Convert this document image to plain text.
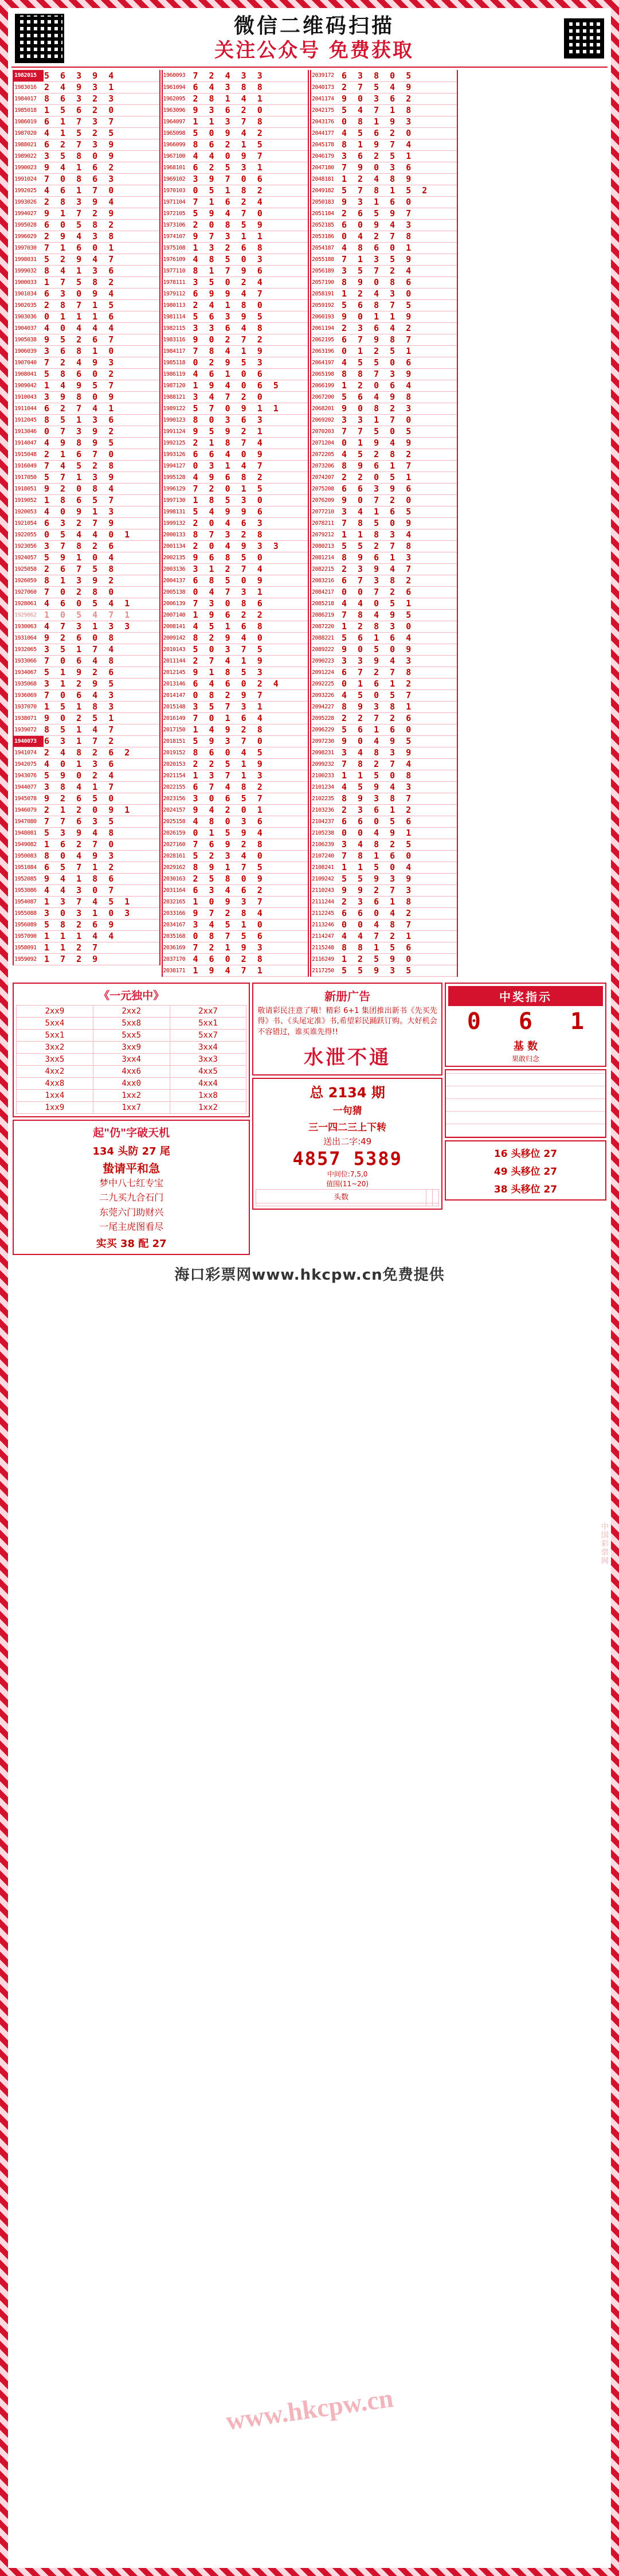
微信二维码扫描
关注公众号 免费获取
1982015	5 6 3 9 4
1983016	2 4 9 3 1
1984017	8 6 3 2 3
1985018	1 5 6 2 0
1986019	6 1 7 3 7
1987020	4 1 5 2 5
1988021	6 2 7 3 9
1989022	3 5 8 0 9
1990023	9 4 1 6 2
1991024	7 0 8 6 3
1992025	4 6 1 7 0
1993026	2 8 3 9 4
1994027	9 1 7 2 9
1995028	6 0 5 8 2
1996029	2 9 4 3 8
1997030	7 1 6 0 1
1998031	5 2 9 4 7
1999032	8 4 1 3 6
1900033	1 7 5 8 2
1901034	6 3 0 9 4
1902035	2 8 7 1 5
1903036	0 1 1 1 6
1904037	4 0 4 4 4
1905038	9 5 2 6 7
1906039	3 6 8 1 0
1907040	7 2 4 9 3
1908041	5 8 6 0 2
1909042	1 4 9 5 7
1910043	3 9 8 0 9
1911044	6 2 7 4 1
1912045	8 5 1 3 6
1913046	0 7 3 9 2
1914047	4 9 8 9 5
1915048	2 1 6 7 0
1916049	7 4 5 2 8
1917050	5 7 1 3 9
1918051	9 2 0 8 4
1919052	1 8 6 5 7
1920053	4 0 9 1 3
1921054	6 3 2 7 9
1922055	0 5 4 4 0 1
1923056	3 7 8 2 6
1924057	5 9 1 0 4
1925058	2 6 7 5 8
1926059	8 1 3 9 2
1927060	7 0 2 8 0
1928061	4 6 0 5 4 1
1929062	1 0 5 4 7 1
1930063	4 7 3 1 3 3
1931064	9 2 6 0 8
1932065	3 5 1 7 4
1933066	7 0 6 4 8
1934067	5 1 9 2 6
1935068	3 1 2 9 5
1936069	7 0 6 4 3
1937070	1 5 1 8 3
1938071	9 0 2 5 1
1939072	8 5 1 4 7
1940073	6 3 1 7 2
1941074	2 4 8 2 6 2
1942075	4 0 1 3 6
1943076	5 9 0 2 4
1944077	3 8 4 1 7
1945078	9 2 6 5 0
1946079	2 1 2 0 9 1
1947080	7 7 6 3 5
1948081	5 3 9 4 8
1949082	1 6 2 7 0
1950083	8 0 4 9 3
1951084	6 5 7 1 2
1952085	9 4 1 8 6
1953086	4 4 3 0 7
1954087	1 3 7 4 5 1
1955088	3 0 3 1 0 3
1956089	5 8 2 6 9
1957090	1 1 1 4 4
1958091	1 1 2 7
1959092	1 7 2 9
1960093	7 2 4 3 3
1961094	6 4 3 8 8
1962095	2 8 1 4 1
1963096	9 3 6 2 0
1964097	1 1 3 7 8
1965098	5 0 9 4 2
1966099	8 6 2 1 5
1967100	4 4 0 9 7
1968101	6 2 5 3 1
1969102	3 9 7 0 6
1970103	0 5 1 8 2
1971104	7 1 6 2 4
1972105	5 9 4 7 0
1973106	2 0 8 5 9
1974107	9 7 3 1 1
1975108	1 3 2 6 8
1976109	4 8 5 0 3
1977110	8 1 7 9 6
1978111	3 5 0 2 4
1979112	6 9 9 4 7
1980113	2 4 1 8 0
1981114	5 6 3 9 5
1982115	3 3 6 4 8
1983116	9 0 2 7 2
1984117	7 8 4 1 9
1985118	0 2 9 5 3
1986119	4 6 1 0 6
1987120	1 9 4 0 6 5
1988121	3 4 7 2 0
1989122	5 7 0 9 1 1
1990123	8 0 3 6 3
1991124	9 5 9 2 1
1992125	2 1 8 7 4
1993126	6 6 4 0 9
1994127	0 3 1 4 7
1995128	4 9 6 8 2
1996129	7 2 0 1 5
1997130	1 8 5 3 0
1998131	5 4 9 9 6
1999132	2 0 4 6 3
2000133	8 7 3 2 8
2001134	2 0 4 9 3 3
2002135	9 6 8 5 0
2003136	3 1 2 7 4
2004137	6 8 5 0 9
2005138	0 4 7 3 1
2006139	7 3 0 8 6
2007140	1 9 6 2 2
2008141	4 5 1 6 8
2009142	8 2 9 4 0
2010143	5 0 3 7 5
2011144	2 7 4 1 9
2012145	9 1 8 5 3
2013146	6 4 6 0 2 4
2014147	0 8 2 9 7
2015148	3 5 7 3 1
2016149	7 0 1 6 4
2017150	1 4 9 2 8
2018151	5 9 3 7 0
2019152	8 6 0 4 5
2020153	2 2 5 1 9
2021154	1 3 7 1 3
2022155	6 7 4 8 2
2023156	3 0 6 5 7
2024157	9 4 2 0 1
2025158	4 8 0 3 6
2026159	0 1 5 9 4
2027160	7 6 9 2 8
2028161	5 2 3 4 0
2029162	8 9 1 7 5
2030163	2 5 8 0 9
2031164	6 3 4 6 2
2032165	1 0 9 3 7
2033166	9 7 2 8 4
2034167	3 4 5 1 0
2035168	0 8 7 5 6
2036169	7 2 1 9 3
2037170	4 6 0 2 8
2038171	1 9 4 7 1
2039172	6 3 8 0 5
2040173	2 7 5 4 9
2041174	9 0 3 6 2
2042175	5 4 7 1 8
2043176	0 8 1 9 3
2044177	4 5 6 2 0
2045178	8 1 9 7 4
2046179	3 6 2 5 1
2047180	7 9 0 3 6
2048181	1 2 4 8 9
2049182	5 7 8 1 5 2
2050183	9 3 1 6 0
2051184	2 6 5 9 7
2052185	6 0 9 4 3
2053186	0 4 2 7 8
2054187	4 8 6 0 1
2055188	7 1 3 5 9
2056189	3 5 7 2 4
2057190	8 9 0 8 6
2058191	1 2 4 3 0
2059192	5 6 8 7 5
2060193	9 0 1 1 9
2061194	2 3 6 4 2
2062195	6 7 9 8 7
2063196	0 1 2 5 1
2064197	4 5 5 0 6
2065198	8 8 7 3 9
2066199	1 2 0 6 4
2067200	5 6 4 9 8
2068201	9 0 8 2 3
2069202	3 3 1 7 0
2070203	7 7 5 0 5
2071204	0 1 9 4 9
2072205	4 5 2 8 2
2073206	8 9 6 1 7
2074207	2 2 0 5 1
2075208	6 6 3 9 6
2076209	9 0 7 2 0
2077210	3 4 1 6 5
2078211	7 8 5 0 9
2079212	1 1 8 3 4
2080213	5 5 2 7 8
2081214	8 9 6 1 3
2082215	2 3 9 4 7
2083216	6 7 3 8 2
2084217	0 0 7 2 6
2085218	4 4 0 5 1
2086219	7 8 4 9 5
2087220	1 2 8 3 0
2088221	5 6 1 6 4
2089222	9 0 5 0 9
2090223	3 3 9 4 3
2091224	6 7 2 7 8
2092225	0 1 6 1 2
2093226	4 5 0 5 7
2094227	8 9 3 8 1
2095228	2 2 7 2 6
2096229	5 6 1 6 0
2097230	9 0 4 9 5
2098231	3 4 8 3 9
2099232	7 8 2 7 4
2100233	1 1 5 0 8
2101234	4 5 9 4 3
2102235	8 9 3 8 7
2103236	2 3 6 1 2
2104237	6 6 0 5 6
2105238	0 0 4 9 1
2106239	3 4 8 2 5
2107240	7 8 1 6 0
2108241	1 1 5 0 4
2109242	5 5 9 3 9
2110243	9 9 2 7 3
2111244	2 3 6 1 8
2112245	6 6 0 4 2
2113246	0 0 4 8 7
2114247	4 4 7 2 1
2115248	8 8 1 5 6
2116249	1 2 5 9 0
2117250	5 5 9 3 5
《一元独中》
2xx9	2xx2	2xx7
5xx4	5xx8	5xx1
5xx1	5xx5	5xx7
3xx2	3xx9	3xx4
3xx5	3xx4	3xx3
4xx2	4xx6	4xx5
4xx8	4xx0	4xx4
1xx4	1xx2	1xx8
1xx9	1xx7	1xx2
起"仍"字破天机
134 头防 27 尾
蛰请平和急
梦中八七红专宝
二九买九合石门
东莞六门助财兴
一尾主虎图看尽
实买 38 配 27
新册广告
敬请彩民注意了哦！精彩 6+1 集团推出新书《先买先得》书、《头尾定准》书,希望彩民踊跃订购。大好机会不容错过，谁买谁先得!!
水泄不通
总 2134 期
一句猜
三一四二三上下转
送出二字:49
4857 5389
中间位:7,5,0
值围(11~20)
头数		

中奖指示
0 6 1
基 数
果敢归念
16 头移位 27
49 头移位 27
38 头移位 27
海口彩票网www.hkcpw.cn免费提供
www.hkcpw.cn
中国彩票网
